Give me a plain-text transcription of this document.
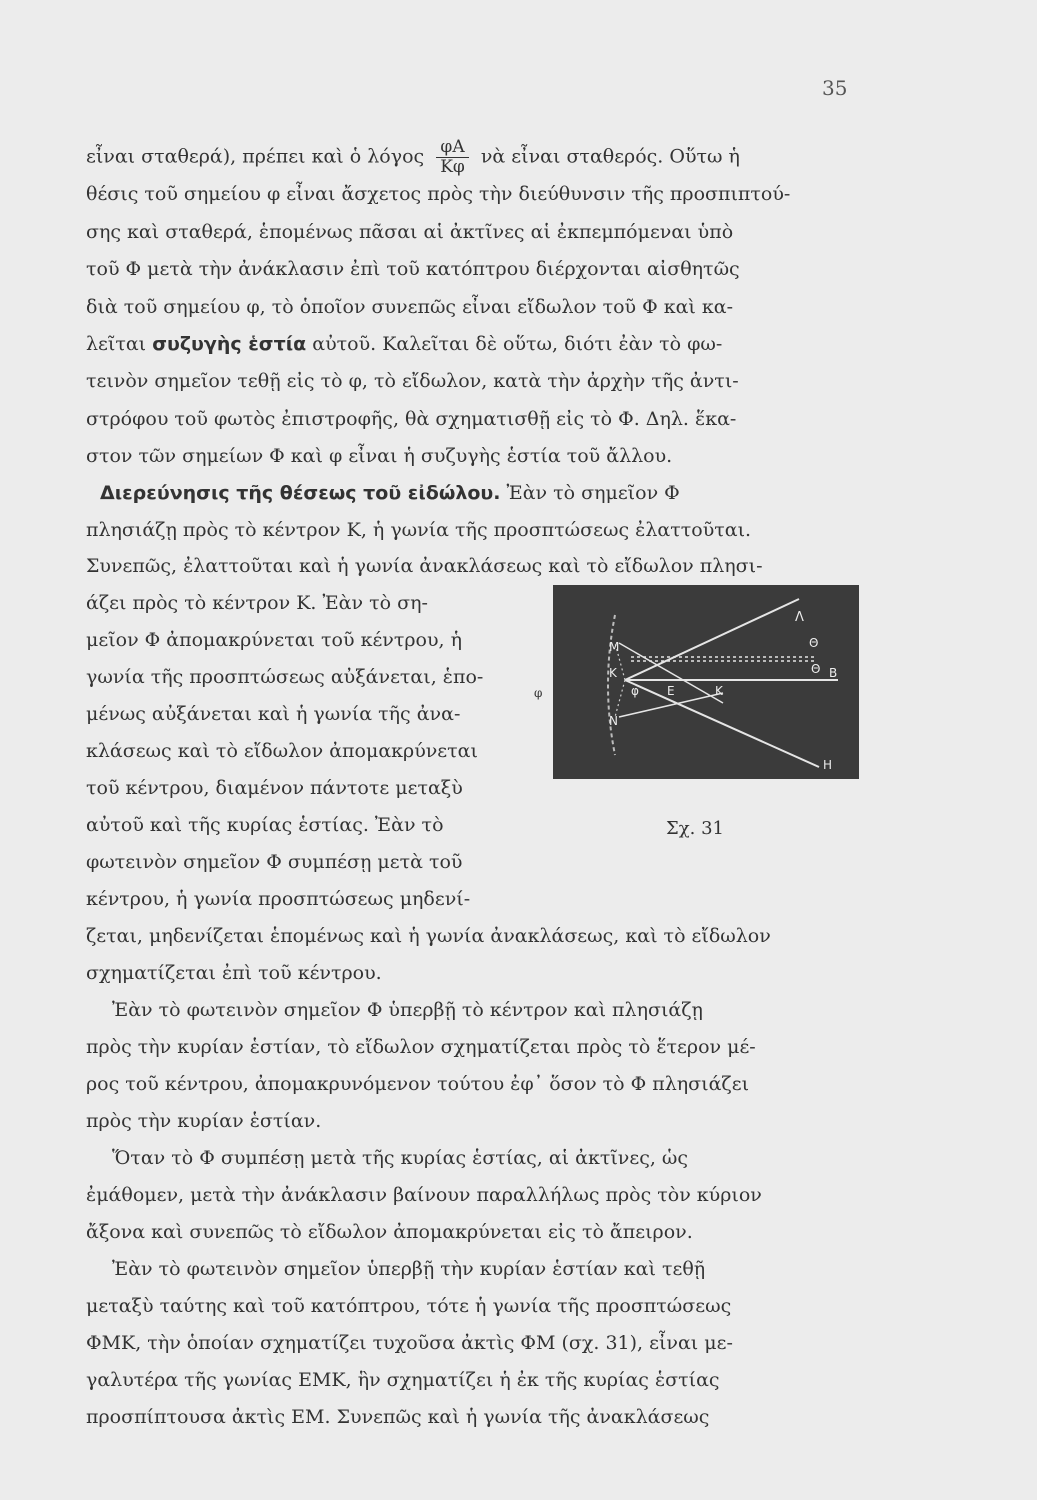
35
εἶναι σταθερά), πρέπει καὶ ὁ λόγος $\frac{\varphi A}{K\varphi}$ νὰ εἶναι σταθερός. Οὕτω ἡ
θέσις τοῦ σημείου φ εἶναι ἄσχετος πρὸς τὴν διεύθυνσιν τῆς προσπιπτού-
σης καὶ σταθερά, ἑπομένως πᾶσαι αἱ ἀκτῖνες αἱ ἐκπεμπόμεναι ὑπὸ
τοῦ Φ μετὰ τὴν ἀνάκλασιν ἐπὶ τοῦ κατόπτρου διέρχονται αἰσθητῶς
διὰ τοῦ σημείου φ, τὸ ὁποῖον συνεπῶς εἶναι εἴδωλον τοῦ Φ καὶ κα-
λεῖται συζυγὴς ἑστία αὐτοῦ. Καλεῖται δὲ οὕτω, διότι ἐὰν τὸ φω-
τεινὸν σημεῖον τεθῇ εἰς τὸ φ, τὸ εἴδωλον, κατὰ τὴν ἀρχὴν τῆς ἀντι-
στρόφου τοῦ φωτὸς ἐπιστροφῆς, θὰ σχηματισθῇ εἰς τὸ Φ. Δηλ. ἕκα-
στον τῶν σημείων Φ καὶ φ εἶναι ἡ συζυγὴς ἑστία τοῦ ἄλλου.
Διερεύνησις τῆς θέσεως τοῦ εἰδώλου. Ἐὰν τὸ σημεῖον Φ
πλησιάζῃ πρὸς τὸ κέντρον Κ, ἡ γωνία τῆς προσπτώσεως ἐλαττοῦται.
Συνεπῶς, ἐλαττοῦται καὶ ἡ γωνία ἀνακλάσεως καὶ τὸ εἴδωλον πλησι-
άζει πρὸς τὸ κέντρον Κ. Ἐὰν τὸ ση-
μεῖον Φ ἀπομακρύνεται τοῦ κέντρου, ἡ
γωνία τῆς προσπτώσεως αὐξάνεται, ἑπο-
μένως αὐξάνεται καὶ ἡ γωνία τῆς ἀνα-
κλάσεως καὶ τὸ εἴδωλον ἀπομακρύνεται
τοῦ κέντρου, διαμένον πάντοτε μεταξὺ
αὐτοῦ καὶ τῆς κυρίας ἑστίας. Ἐὰν τὸ
φωτεινὸν σημεῖον Φ συμπέσῃ μετὰ τοῦ
κέντρου, ἡ γωνία προσπτώσεως μηδενί-
ζεται, μηδενίζεται ἑπομένως καὶ ἡ γωνία ἀνακλάσεως, καὶ τὸ εἴδωλον
σχηματίζεται ἐπὶ τοῦ κέντρου.
Ἐὰν τὸ φωτεινὸν σημεῖον Φ ὑπερβῇ τὸ κέντρον καὶ πλησιάζῃ
πρὸς τὴν κυρίαν ἑστίαν, τὸ εἴδωλον σχηματίζεται πρὸς τὸ ἕτερον μέ-
ρος τοῦ κέντρου, ἀπομακρυνόμενον τούτου ἐφ᾽ ὅσον τὸ Φ πλησιάζει
πρὸς τὴν κυρίαν ἑστίαν.
Ὅταν τὸ Φ συμπέσῃ μετὰ τῆς κυρίας ἑστίας, αἱ ἀκτῖνες, ὡς
ἐμάθομεν, μετὰ τὴν ἀνάκλασιν βαίνουν παραλλήλως πρὸς τὸν κύριον
ἄξονα καὶ συνεπῶς τὸ εἴδωλον ἀπομακρύνεται εἰς τὸ ἄπειρον.
Ἐὰν τὸ φωτεινὸν σημεῖον ὑπερβῇ τὴν κυρίαν ἑστίαν καὶ τεθῇ
μεταξὺ ταύτης καὶ τοῦ κατόπτρου, τότε ἡ γωνία τῆς προσπτώσεως
ΦΜΚ, τὴν ὁποίαν σχηματίζει τυχοῦσα ἀκτὶς ΦΜ (σχ. 31), εἶναι με-
γαλυτέρα τῆς γωνίας ΕΜΚ, ἣν σχηματίζει ἡ ἐκ τῆς κυρίας ἑστίας
προσπίπτουσα ἀκτὶς ΕΜ. Συνεπῶς καὶ ἡ γωνία τῆς ἀνακλάσεως
φ
Λ
Θ
Θ Β
Μ
Κ
Ν
φ Ε	Κ
Η
Σχ. 31
